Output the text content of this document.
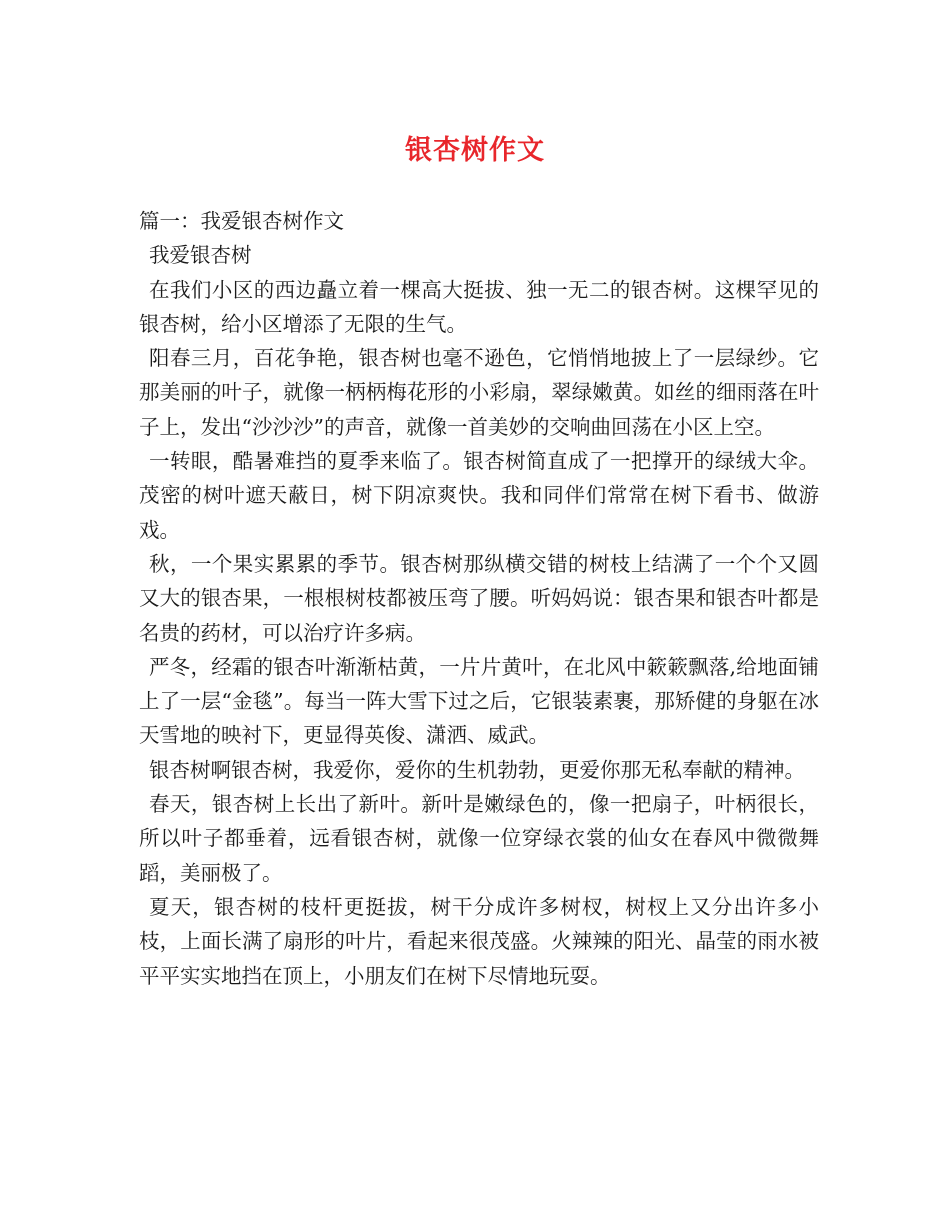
银杏树作文

篇一：我爱银杏树作文

我爱银杏树

在我们小区的西边矗立着一棵高大挺拔、独一无二的银杏树。这棵罕见的银杏树，给小区增添了无限的生气。

阳春三月，百花争艳，银杏树也毫不逊色，它悄悄地披上了一层绿纱。它那美丽的叶子，就像一柄柄梅花形的小彩扇，翠绿嫩黄。如丝的细雨落在叶子上，发出“沙沙沙”的声音，就像一首美妙的交响曲回荡在小区上空。

一转眼，酷暑难挡的夏季来临了。银杏树简直成了一把撑开的绿绒大伞。茂密的树叶遮天蔽日，树下阴凉爽快。我和同伴们常常在树下看书、做游戏。

秋，一个果实累累的季节。银杏树那纵横交错的树枝上结满了一个个又圆又大的银杏果，一根根树枝都被压弯了腰。听妈妈说：银杏果和银杏叶都是名贵的药材，可以治疗许多病。

严冬，经霜的银杏叶渐渐枯黄，一片片黄叶，在北风中簌簌飘落,给地面铺上了一层“金毯”。每当一阵大雪下过之后，它银装素裹，那矫健的身躯在冰天雪地的映衬下，更显得英俊、潇洒、威武。

银杏树啊银杏树，我爱你，爱你的生机勃勃，更爱你那无私奉献的精神。

春天，银杏树上长出了新叶。新叶是嫩绿色的，像一把扇子，叶柄很长，所以叶子都垂着，远看银杏树，就像一位穿绿衣裳的仙女在春风中微微舞蹈，美丽极了。

夏天，银杏树的枝杆更挺拔，树干分成许多树杈，树杈上又分出许多小枝，上面长满了扇形的叶片，看起来很茂盛。火辣辣的阳光、晶莹的雨水被平平实实地挡在顶上，小朋友们在树下尽情地玩耍。
